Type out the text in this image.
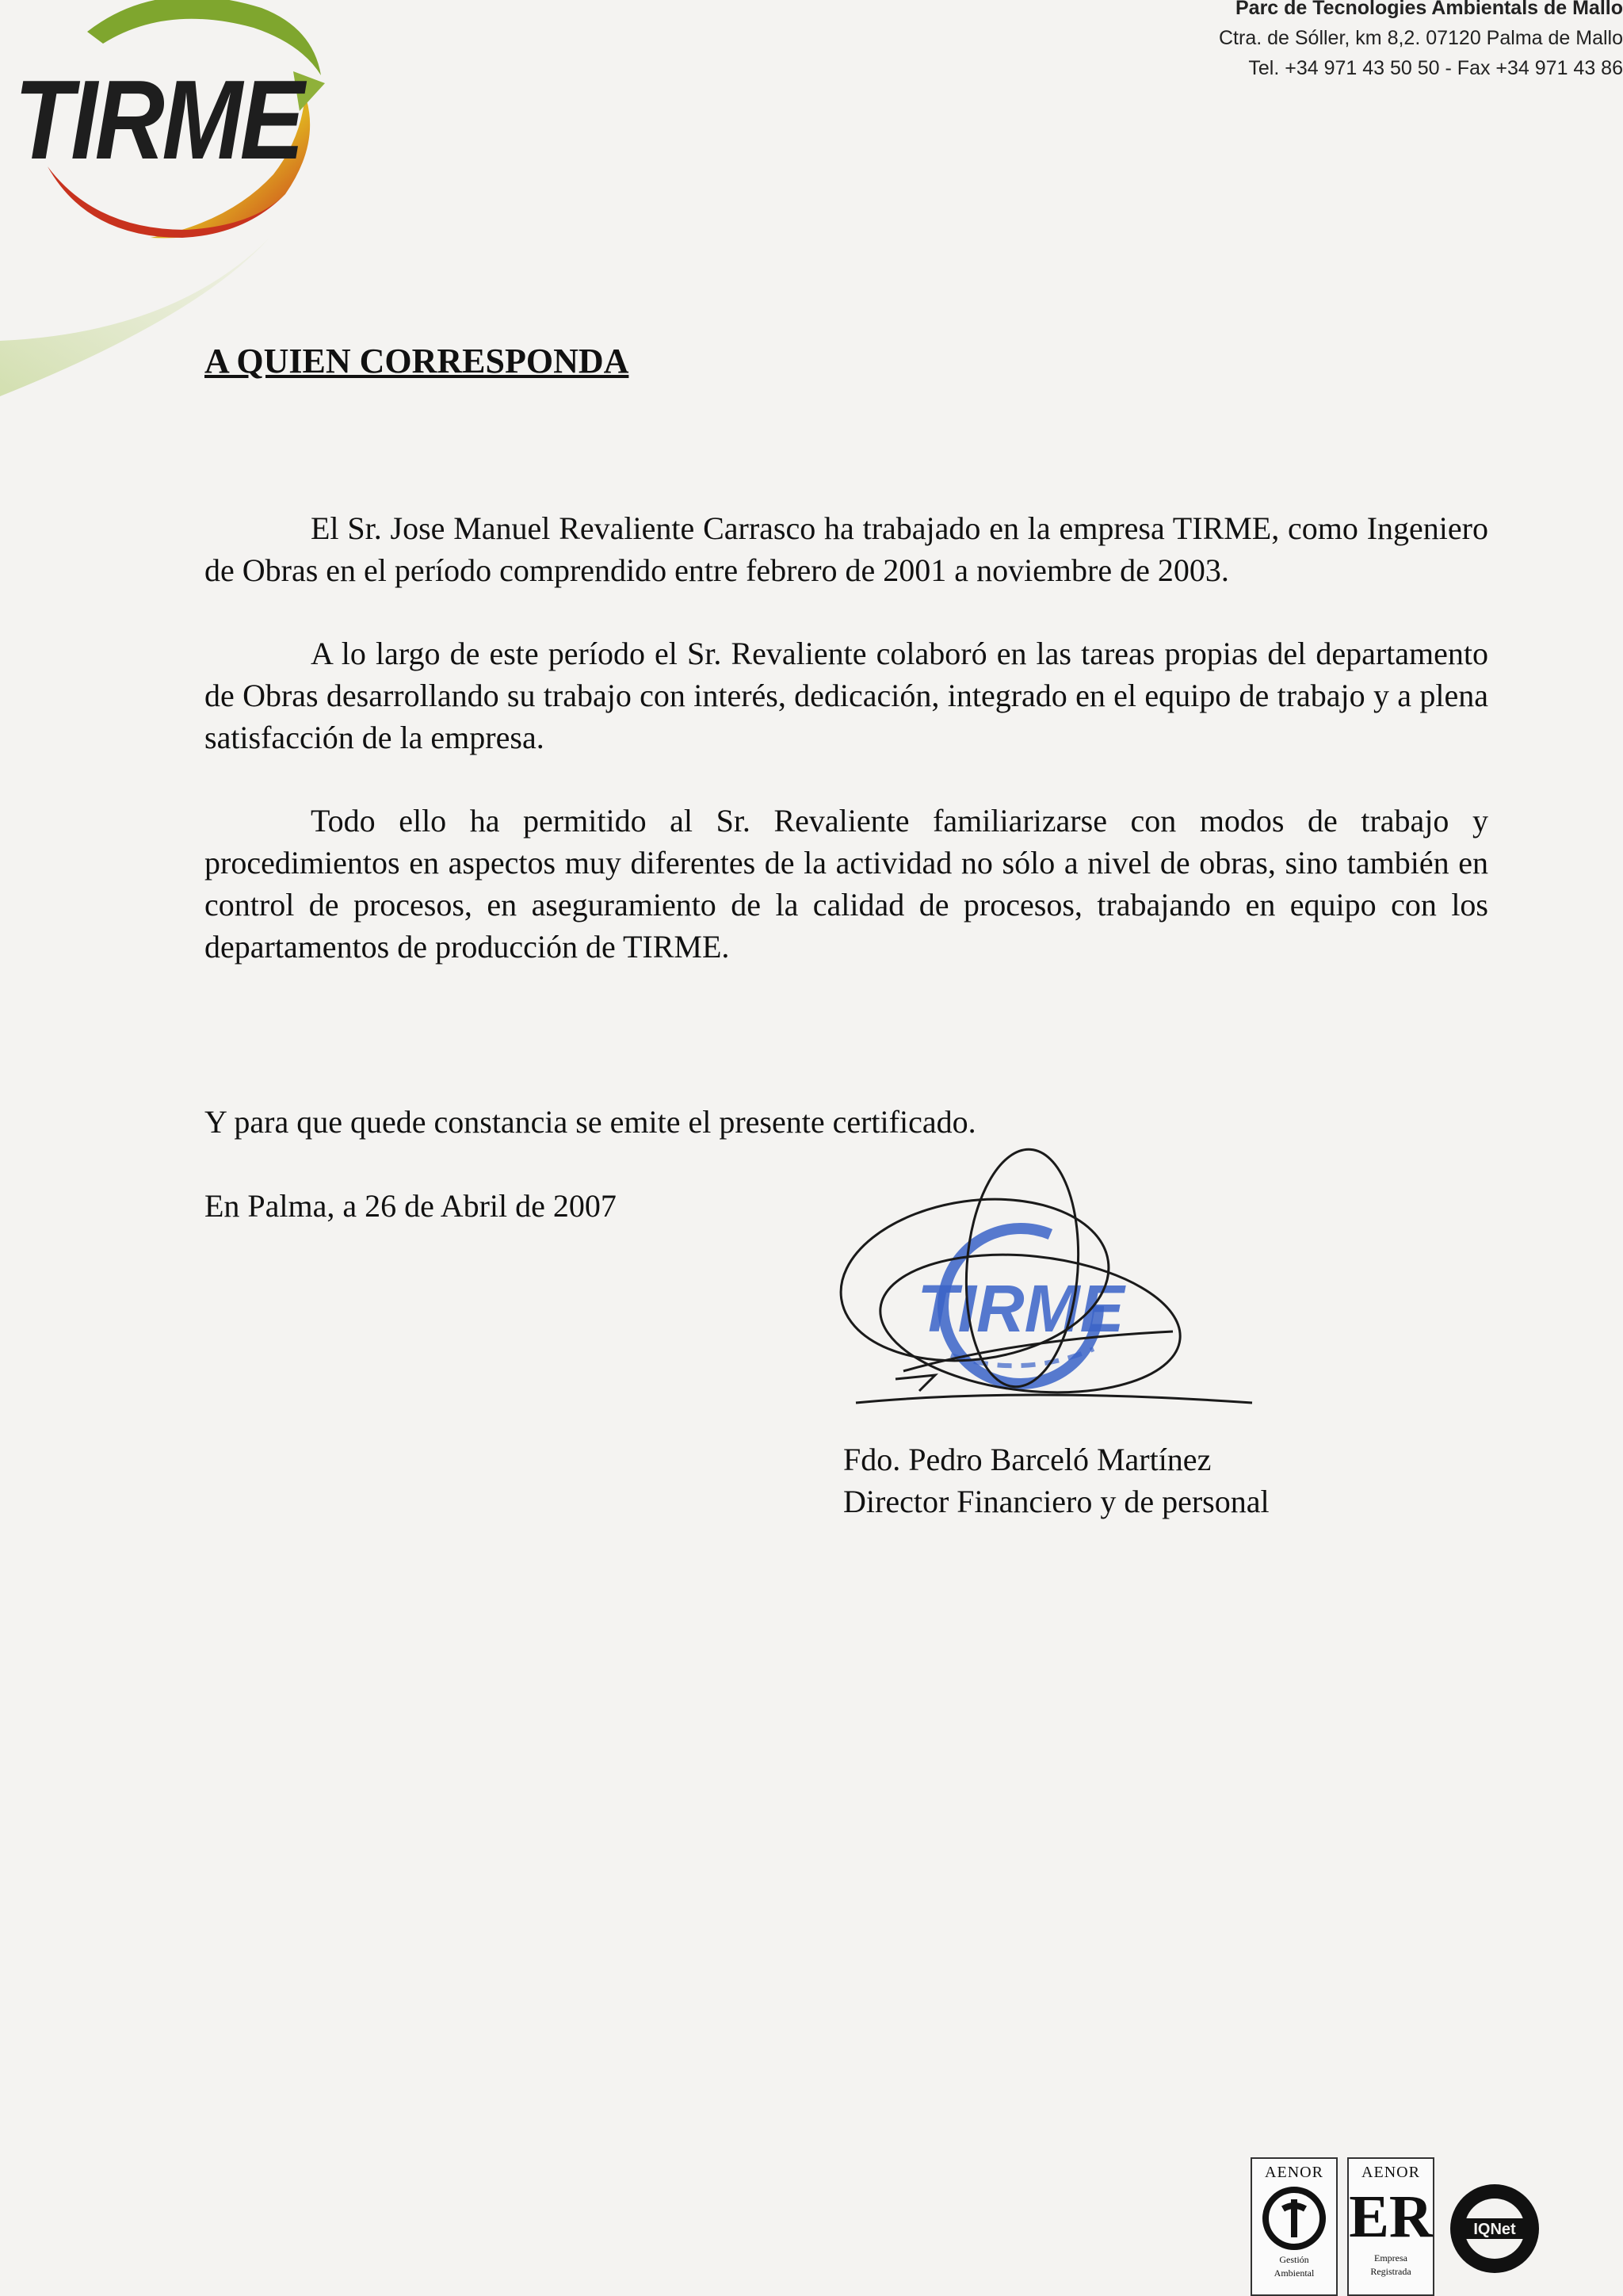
TIRME
Parc de Tecnologies Ambientals de Mallo
Ctra. de Sóller, km 8,2. 07120 Palma de Mallo
Tel. +34 971 43 50 50 - Fax +34 971 43 86
A QUIEN CORRESPONDA

El Sr. Jose Manuel Revaliente Carrasco ha trabajado en la empresa TIRME, como Ingeniero de Obras en el período comprendido entre febrero de 2001 a noviembre de 2003.

A lo largo de este período el Sr. Revaliente colaboró en las tareas propias del departamento de Obras desarrollando su trabajo con interés, dedicación, integrado en el equipo de trabajo y a plena satisfacción de la empresa.

Todo ello ha permitido al Sr. Revaliente familiarizarse con modos de trabajo y procedimientos en aspectos muy diferentes de la actividad no sólo a nivel de obras, sino también en control de procesos, en aseguramiento de la calidad de procesos, trabajando en equipo con los departamentos de producción de TIRME.

Y para que quede constancia se emite el presente certificado.
En Palma, a 26 de Abril de 2007
TIRME
Fdo. Pedro Barceló Martínez
Director Financiero y de personal
AENOR
Gestión
Ambiental
AENOR
ER
Empresa
Registrada
IQNet
